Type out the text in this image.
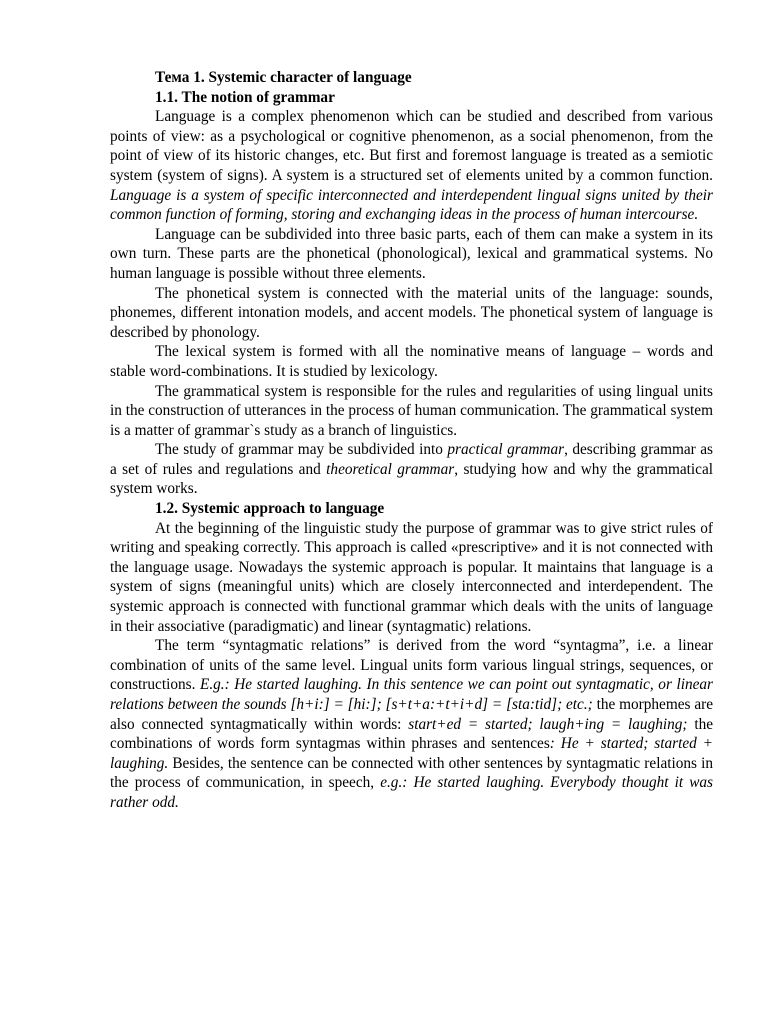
Тема 1. Systemic character of language

1.1. The notion of grammar

Language is a complex phenomenon which can be studied and described from various points of view: as a psychological or cognitive phenomenon, as a social phenomenon, from the point of view of its historic changes, etc. But first and foremost language is treated as a semiotic system (system of signs). A system is a structured set of elements united by a common function. Language is a system of specific interconnected and interdependent lingual signs united by their common function of forming, storing and exchanging ideas in the process of human intercourse.

Language can be subdivided into three basic parts, each of them can make a system in its own turn. These parts are the phonetical (phonological), lexical and grammatical systems. No human language is possible without three elements.

The phonetical system is connected with the material units of the language: sounds, phonemes, different intonation models, and accent models. The phonetical system of language is described by phonology.

The lexical system is formed with all the nominative means of language – words and stable word-combinations. It is studied by lexicology.

The grammatical system is responsible for the rules and regularities of using lingual units in the construction of utterances in the process of human communication. The grammatical system is a matter of grammar`s study as a branch of linguistics.

The study of grammar may be subdivided into practical grammar, describing grammar as a set of rules and regulations and theoretical grammar, studying how and why the grammatical system works.

1.2. Systemic approach to language

At the beginning of the linguistic study the purpose of grammar was to give strict rules of writing and speaking correctly. This approach is called «prescriptive» and it is not connected with the language usage. Nowadays the systemic approach is popular. It maintains that language is a system of signs (meaningful units) which are closely interconnected and interdependent. The systemic approach is connected with functional grammar which deals with the units of language in their associative (paradigmatic) and linear (syntagmatic) relations.

The term “syntagmatic relations” is derived from the word “syntagma”, i.e. a linear combination of units of the same level. Lingual units form various lingual strings, sequences, or constructions. E.g.: He started laughing. In this sentence we can point out syntagmatic, or linear relations between the sounds [h+i:] = [hi:]; [s+t+a:+t+i+d] = [sta:tid]; etc.; the morphemes are also connected syntagmatically within words: start+ed = started; laugh+ing = laughing; the combinations of words form syntagmas within phrases and sentences: He + started; started + laughing. Besides, the sentence can be connected with other sentences by syntagmatic relations in the process of communication, in speech, e.g.: He started laughing. Everybody thought it was rather odd.
